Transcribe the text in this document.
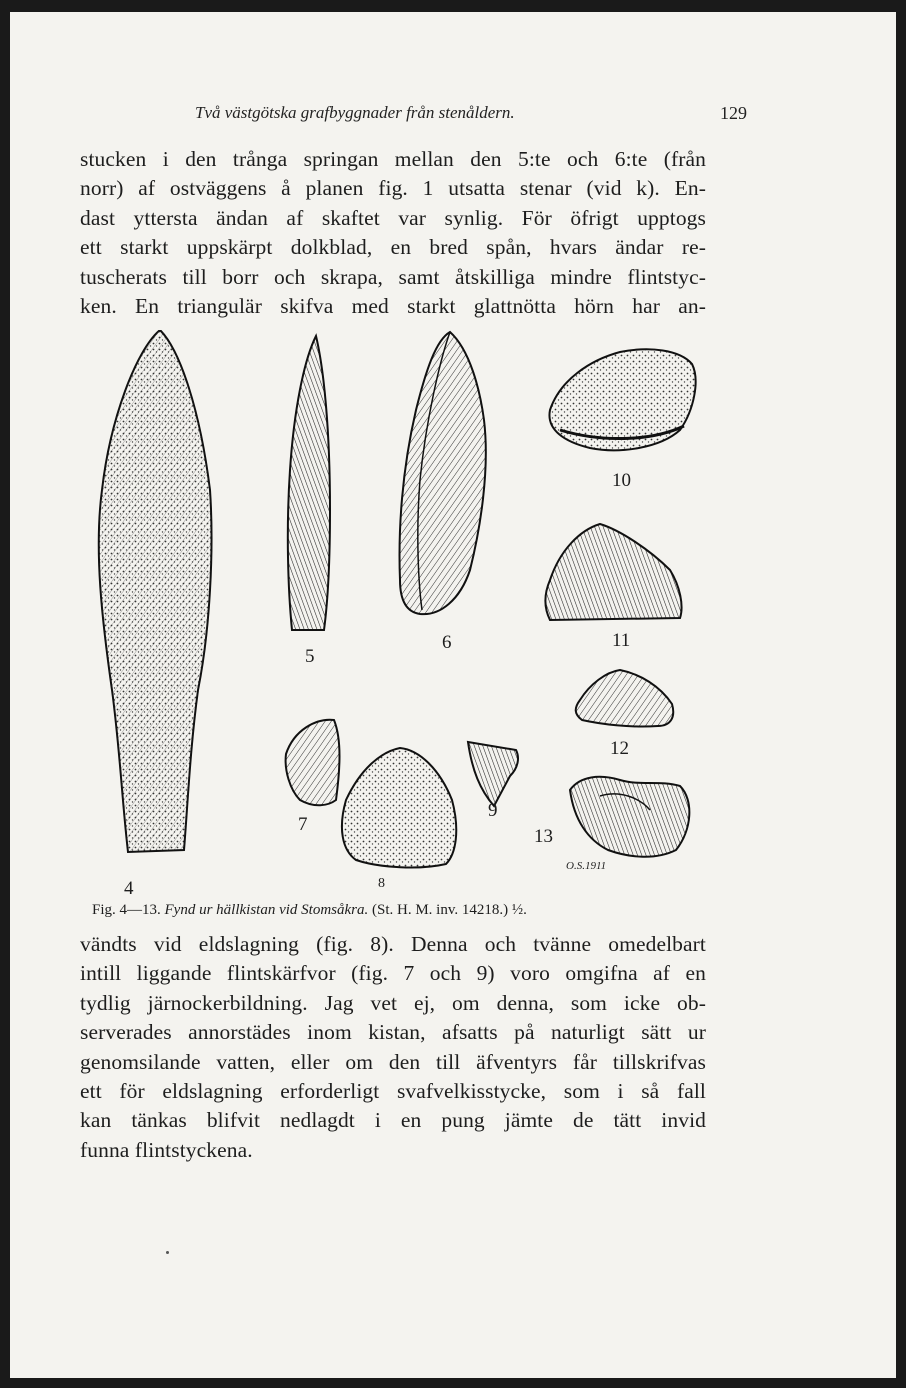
Två västgötska grafbyggnader från stenåldern.	129
stucken i den trånga springan mellan den 5:te och 6:te (från
norr) af ostväggens å planen fig. 1 utsatta stenar (vid k). En-
dast yttersta ändan af skaftet var synlig. För öfrigt upptogs
ett starkt uppskärpt dolkblad, en bred spån, hvars ändar re-
tuscherats till borr och skrapa, samt åtskilliga mindre flintstyc-
ken. En triangulär skifva med starkt glattnötta hörn har an-
4
5
6
7
8
9
10
11
12
13
O.S.1911
Fig. 4—13. Fynd ur hällkistan vid Stomsåkra. (St. H. M. inv. 14218.) ½.
vändts vid eldslagning (fig. 8). Denna och tvänne omedelbart
intill liggande flintskärfvor (fig. 7 och 9) voro omgifna af en
tydlig järnockerbildning. Jag vet ej, om denna, som icke ob-
serverades annorstädes inom kistan, afsatts på naturligt sätt ur
genomsilande vatten, eller om den till äfventyrs får tillskrifvas
ett för eldslagning erforderligt svafvelkisstycke, som i så fall
kan tänkas blifvit nedlagdt i en pung jämte de tätt invid
funna flintstyckena.
